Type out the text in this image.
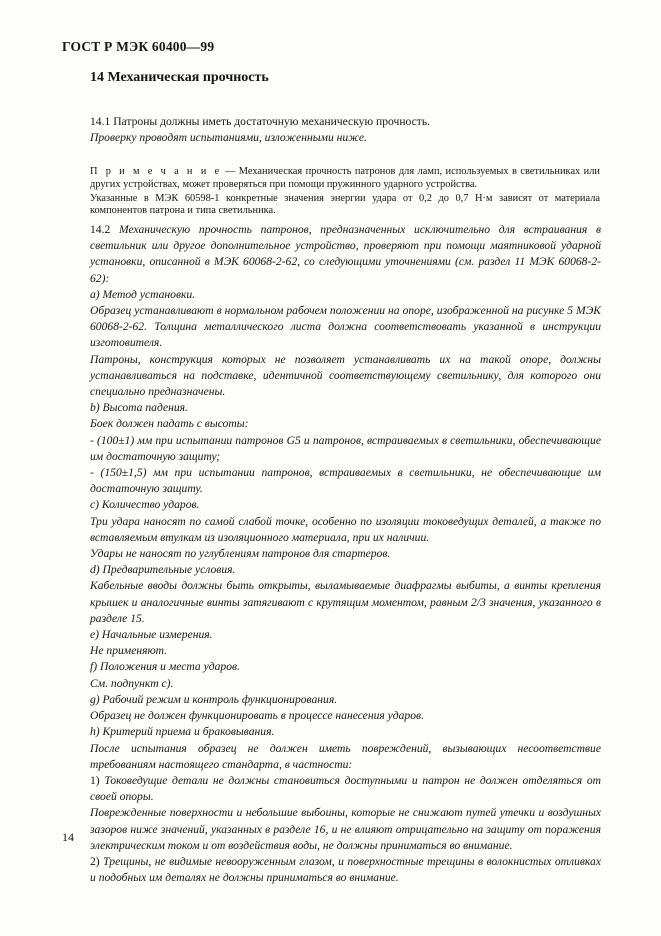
ГОСТ Р МЭК 60400—99
14 Механическая прочность

14.1 Патроны должны иметь достаточную механическую прочность.

Проверку проводят испытаниями, изложенными ниже.

П р и м е ч а н и е — Механическая прочность патронов для ламп, используемых в светильниках или других устройствах, может проверяться при помощи пружинного ударного устройства.

Указанные в МЭК 60598-1 конкретные значения энергии удара от 0,2 до 0,7 Н·м зависят от материала компонентов патрона и типа светильника.

14.2 Механическую прочность патронов, предназначенных исключительно для встраивания в светильник или другое дополнительное устройство, проверяют при помощи маятниковой ударной установки, описанной в МЭК 60068-2-62, со следующими уточнениями (см. раздел 11 МЭК 60068-2-62):

а) Метод установки.

Образец устанавливают в нормальном рабочем положении на опоре, изображенной на рисунке 5 МЭК 60068-2-62. Толщина металлического листа должна соответствовать указанной в инструкции изготовителя.

Патроны, конструкция которых не позволяет устанавливать их на такой опоре, должны устанавливаться на подставке, идентичной соответствующему светильнику, для которого они специально предназначены.

b) Высота падения.

Боек должен падать с высоты:

- (100±1) мм при испытании патронов G5 и патронов, встраиваемых в светильники, обеспечивающие им достаточную защиту;

- (150±1,5) мм при испытании патронов, встраиваемых в светильники, не обеспечивающие им достаточную защиту.

с) Количество ударов.

Три удара наносят по самой слабой точке, особенно по изоляции токоведущих деталей, а также по вставляемым втулкам из изоляционного материала, при их наличии.

Удары не наносят по углублениям патронов для стартеров.

d) Предварительные условия.

Кабельные вводы должны быть открыты, выламываемые диафрагмы выбиты, а винты крепления крышек и аналогичные винты затягивают с крутящим моментом, равным 2/3 значения, указанного в разделе 15.

е) Начальные измерения.

Не применяют.

f) Положения и места ударов.

См. подпункт с).

g) Рабочий режим и контроль функционирования.

Образец не должен функционировать в процессе нанесения ударов.

h) Критерий приема и браковывания.

После испытания образец не должен иметь повреждений, вызывающих несоответствие требованиям настоящего стандарта, в частности:

1) Токоведущие детали не должны становиться доступными и патрон не должен отделяться от своей опоры.

Поврежденные поверхности и небольшие выбоины, которые не снижают путей утечки и воздушных зазоров ниже значений, указанных в разделе 16, и не влияют отрицательно на защиту от поражения электрическим током и от воздействия воды, не должны приниматься во внимание.

2) Трещины, не видимые невооруженным глазом, и поверхностные трещины в волокнистых отливках и подобных им деталях не должны приниматься во внимание.

14
